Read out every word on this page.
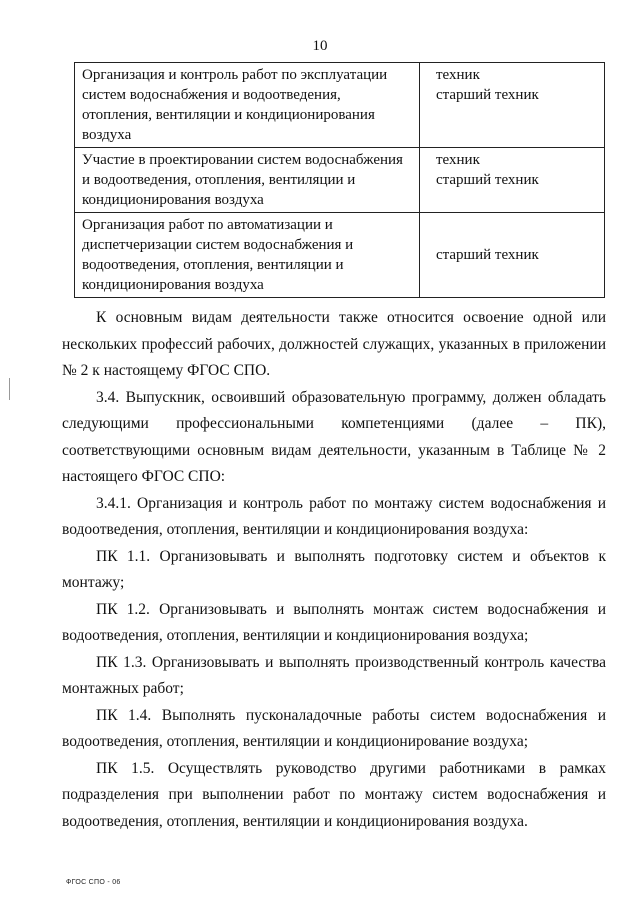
10
Организация и контроль работ по эксплуатации систем водоснабжения и водоотведения, отопления, вентиляции и кондиционирования воздуха	техник
старший техник

Участие в проектировании систем водоснабжения и водоотведения, отопления, вентиляции и кондиционирования воздуха	техник
старший техник

Организация работ по автоматизации и диспетчеризации систем водоснабжения и водоотведения, отопления, вентиляции и кондиционирования воздуха	старший техник

К основным видам деятельности также относится освоение одной или нескольких профессий рабочих, должностей служащих, указанных в приложении № 2 к настоящему ФГОС СПО.

3.4. Выпускник, освоивший образовательную программу, должен обладать следующими профессиональными компетенциями (далее – ПК), соответствующими основным видам деятельности, указанным в Таблице № 2 настоящего ФГОС СПО:

3.4.1. Организация и контроль работ по монтажу систем водоснабжения и водоотведения, отопления, вентиляции и кондиционирования воздуха:

ПК 1.1. Организовывать и выполнять подготовку систем и объектов к монтажу;

ПК 1.2. Организовывать и выполнять монтаж систем водоснабжения и водоотведения, отопления, вентиляции и кондиционирования воздуха;

ПК 1.3. Организовывать и выполнять производственный контроль качества монтажных работ;

ПК 1.4. Выполнять пусконаладочные работы систем водоснабжения и водоотведения, отопления, вентиляции и кондиционирование воздуха;

ПК 1.5. Осуществлять руководство другими работниками в рамках подразделения при выполнении работ по монтажу систем водоснабжения и водоотведения, отопления, вентиляции и кондиционирования воздуха.

ФГОС СПО - 06
